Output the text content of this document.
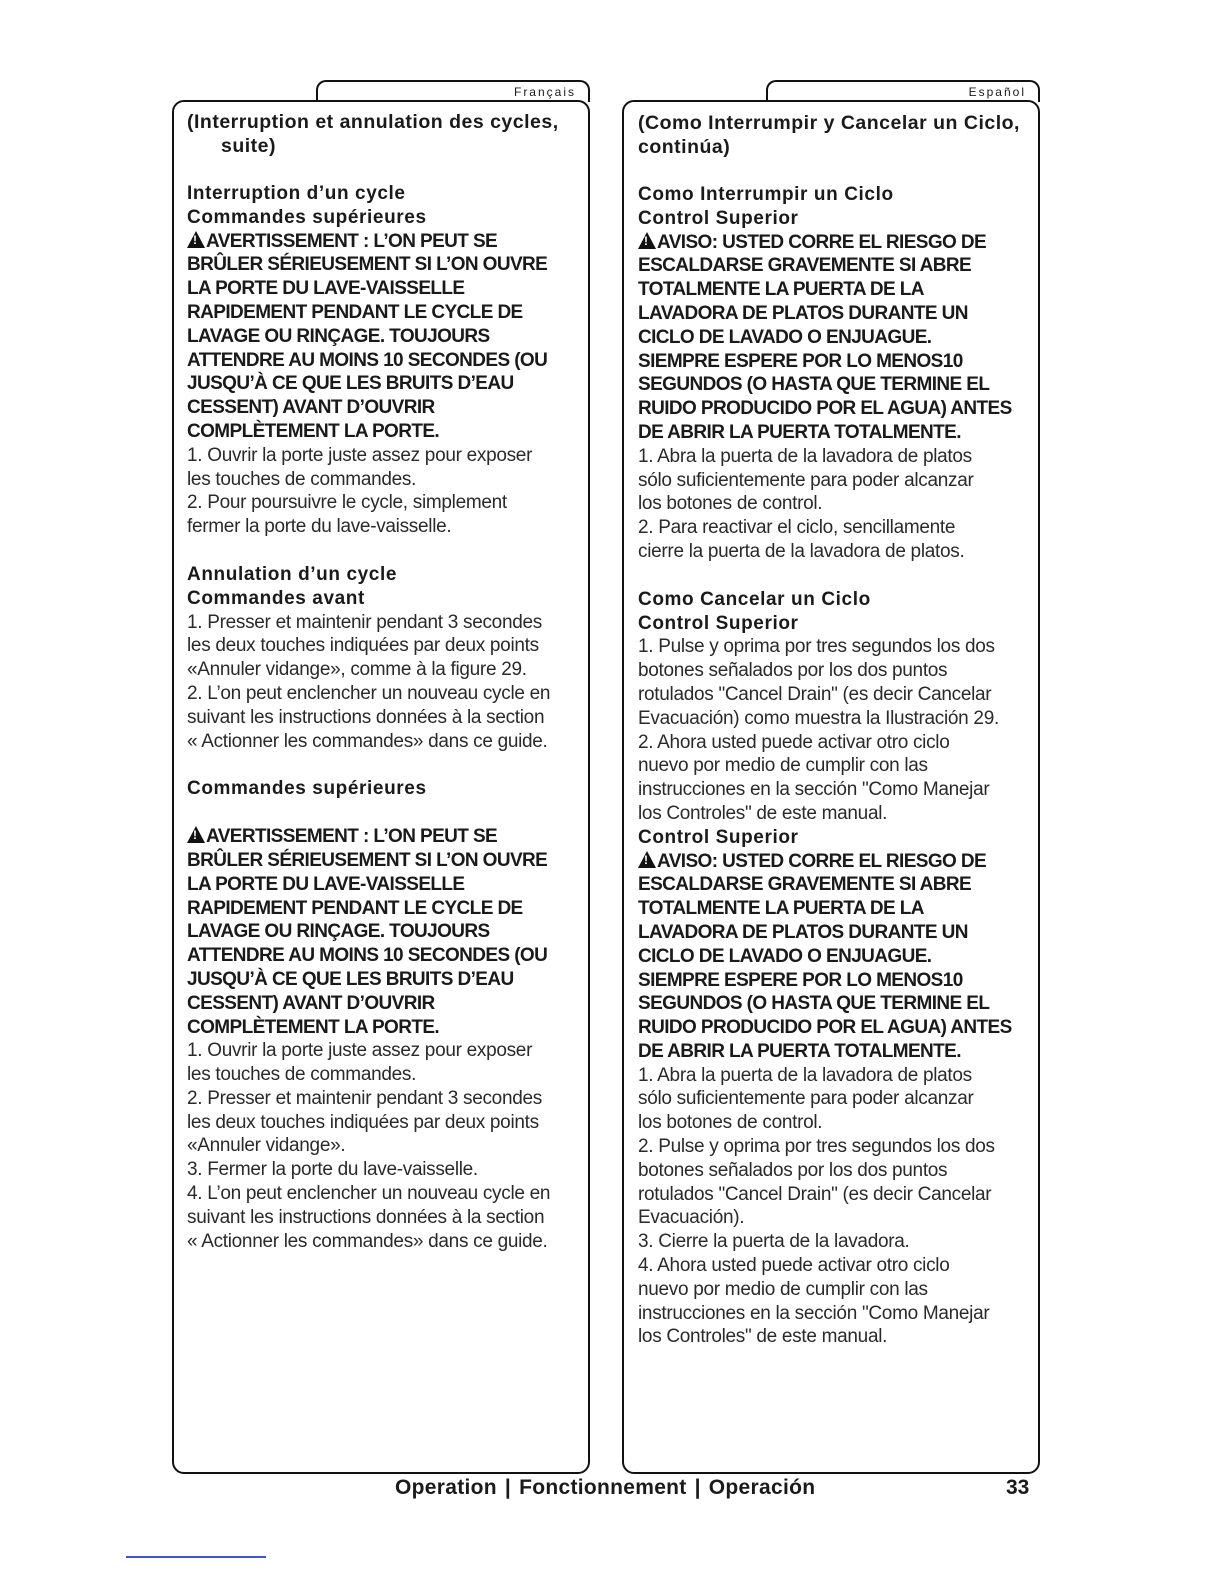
Français
(Interruption et annulation des cycles,
suite)
Interruption d’un cycle
Commandes supérieures
!AVERTISSEMENT : L’ON PEUT SE
BRÛLER SÉRIEUSEMENT SI L’ON OUVRE
LA PORTE DU LAVE-VAISSELLE
RAPIDEMENT PENDANT LE CYCLE DE
LAVAGE OU RINÇAGE. TOUJOURS
ATTENDRE AU MOINS 10 SECONDES (OU
JUSQU’À CE QUE LES BRUITS D’EAU
CESSENT) AVANT D’OUVRIR
COMPLÈTEMENT LA PORTE.
1. Ouvrir la porte juste assez pour exposer
les touches de commandes.
2. Pour poursuivre le cycle, simplement
fermer la porte du lave-vaisselle.
Annulation d’un cycle
Commandes avant
1. Presser et maintenir pendant 3 secondes
les deux touches indiquées par deux points
«Annuler vidange», comme à la figure 29.
2. L’on peut enclencher un nouveau cycle en
suivant les instructions données à la section
« Actionner les commandes» dans ce guide.
Commandes supérieures
!AVERTISSEMENT : L’ON PEUT SE
BRÛLER SÉRIEUSEMENT SI L’ON OUVRE
LA PORTE DU LAVE-VAISSELLE
RAPIDEMENT PENDANT LE CYCLE DE
LAVAGE OU RINÇAGE. TOUJOURS
ATTENDRE AU MOINS 10 SECONDES (OU
JUSQU’À CE QUE LES BRUITS D’EAU
CESSENT) AVANT D’OUVRIR
COMPLÈTEMENT LA PORTE.
1. Ouvrir la porte juste assez pour exposer
les touches de commandes.
2. Presser et maintenir pendant 3 secondes
les deux touches indiquées par deux points
«Annuler vidange».
3. Fermer la porte du lave-vaisselle.
4. L’on peut enclencher un nouveau cycle en
suivant les instructions données à la section
« Actionner les commandes» dans ce guide.
Español
(Como Interrumpir y Cancelar un Ciclo,
continúa)
Como Interrumpir un Ciclo
Control Superior
!AVISO: USTED CORRE EL RIESGO DE
ESCALDARSE GRAVEMENTE SI ABRE
TOTALMENTE LA PUERTA DE LA
LAVADORA DE PLATOS DURANTE UN
CICLO DE LAVADO O ENJUAGUE.
SIEMPRE ESPERE POR LO MENOS10
SEGUNDOS (O HASTA QUE TERMINE EL
RUIDO PRODUCIDO POR EL AGUA) ANTES
DE ABRIR LA PUERTA TOTALMENTE.
1. Abra la puerta de la lavadora de platos
sólo suficientemente para poder alcanzar
los botones de control.
2. Para reactivar el ciclo, sencillamente
cierre la puerta de la lavadora de platos.
Como Cancelar un Ciclo
Control Superior
1. Pulse y oprima por tres segundos los dos
botones señalados por los dos puntos
rotulados "Cancel Drain" (es decir Cancelar
Evacuación) como muestra la Ilustración 29.
2. Ahora usted puede activar otro ciclo
nuevo por medio de cumplir con las
instrucciones en la sección "Como Manejar
los Controles" de este manual.
Control Superior
!AVISO: USTED CORRE EL RIESGO DE
ESCALDARSE GRAVEMENTE SI ABRE
TOTALMENTE LA PUERTA DE LA
LAVADORA DE PLATOS DURANTE UN
CICLO DE LAVADO O ENJUAGUE.
SIEMPRE ESPERE POR LO MENOS10
SEGUNDOS (O HASTA QUE TERMINE EL
RUIDO PRODUCIDO POR EL AGUA) ANTES
DE ABRIR LA PUERTA TOTALMENTE.
1. Abra la puerta de la lavadora de platos
sólo suficientemente para poder alcanzar
los botones de control.
2. Pulse y oprima por tres segundos los dos
botones señalados por los dos puntos
rotulados "Cancel Drain" (es decir Cancelar
Evacuación).
3. Cierre la puerta de la lavadora.
4. Ahora usted puede activar otro ciclo
nuevo por medio de cumplir con las
instrucciones en la sección "Como Manejar
los Controles" de este manual.
Operation | Fonctionnement | Operación	33
